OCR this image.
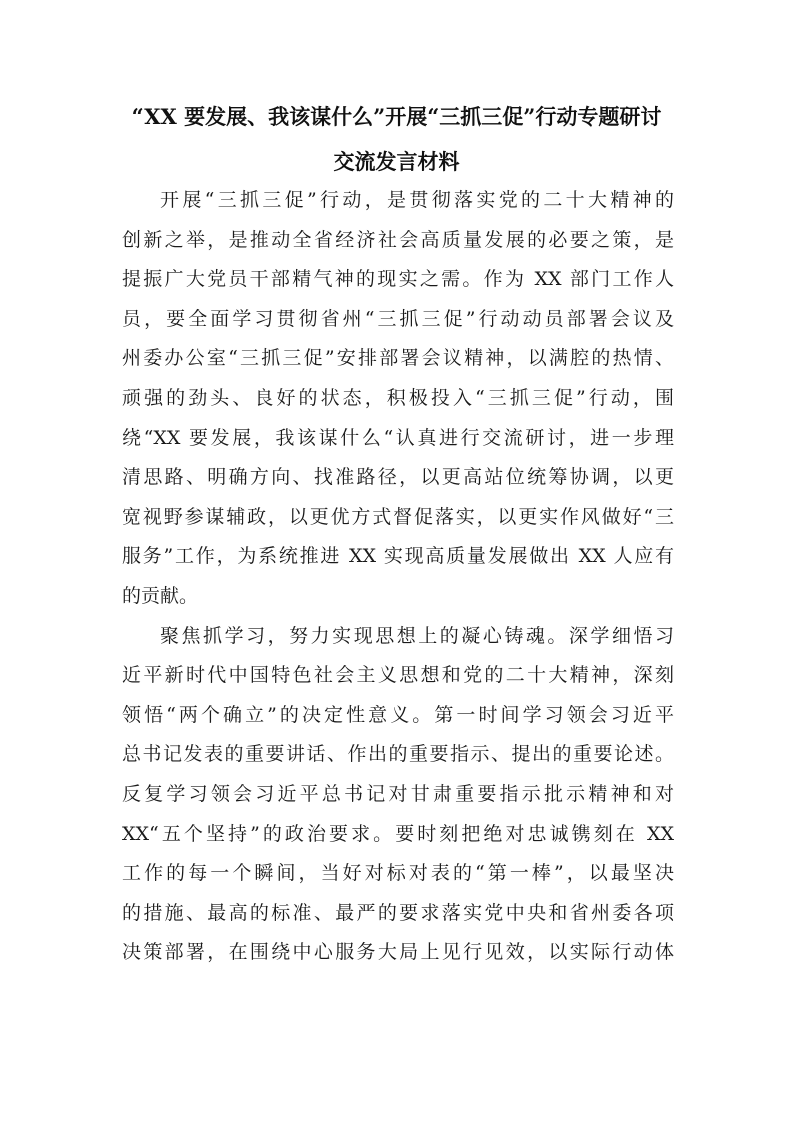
“XX 要发展、我该谋什么”开展“三抓三促”行动专题研讨
交流发言材料
开展“三抓三促”行动，是贯彻落实党的二十大精神的
创新之举，是推动全省经济社会高质量发展的必要之策，是
提振广大党员干部精气神的现实之需。作为 XX 部门工作人
员，要全面学习贯彻省州“三抓三促”行动动员部署会议及
州委办公室“三抓三促”安排部署会议精神，以满腔的热情、
顽强的劲头、良好的状态，积极投入“三抓三促”行动，围
绕“XX 要发展，我该谋什么“认真进行交流研讨，进一步理
清思路、明确方向、找准路径，以更高站位统筹协调，以更
宽视野参谋辅政，以更优方式督促落实，以更实作风做好“三
服务”工作，为系统推进 XX 实现高质量发展做出 XX 人应有
的贡献。
聚焦抓学习，努力实现思想上的凝心铸魂。深学细悟习
近平新时代中国特色社会主义思想和党的二十大精神，深刻
领悟“两个确立”的决定性意义。第一时间学习领会习近平
总书记发表的重要讲话、作出的重要指示、提出的重要论述。
反复学习领会习近平总书记对甘肃重要指示批示精神和对
XX“五个坚持”的政治要求。要时刻把绝对忠诚镌刻在 XX
工作的每一个瞬间，当好对标对表的“第一棒”，以最坚决
的措施、最高的标准、最严的要求落实党中央和省州委各项
决策部署，在围绕中心服务大局上见行见效，以实际行动体
